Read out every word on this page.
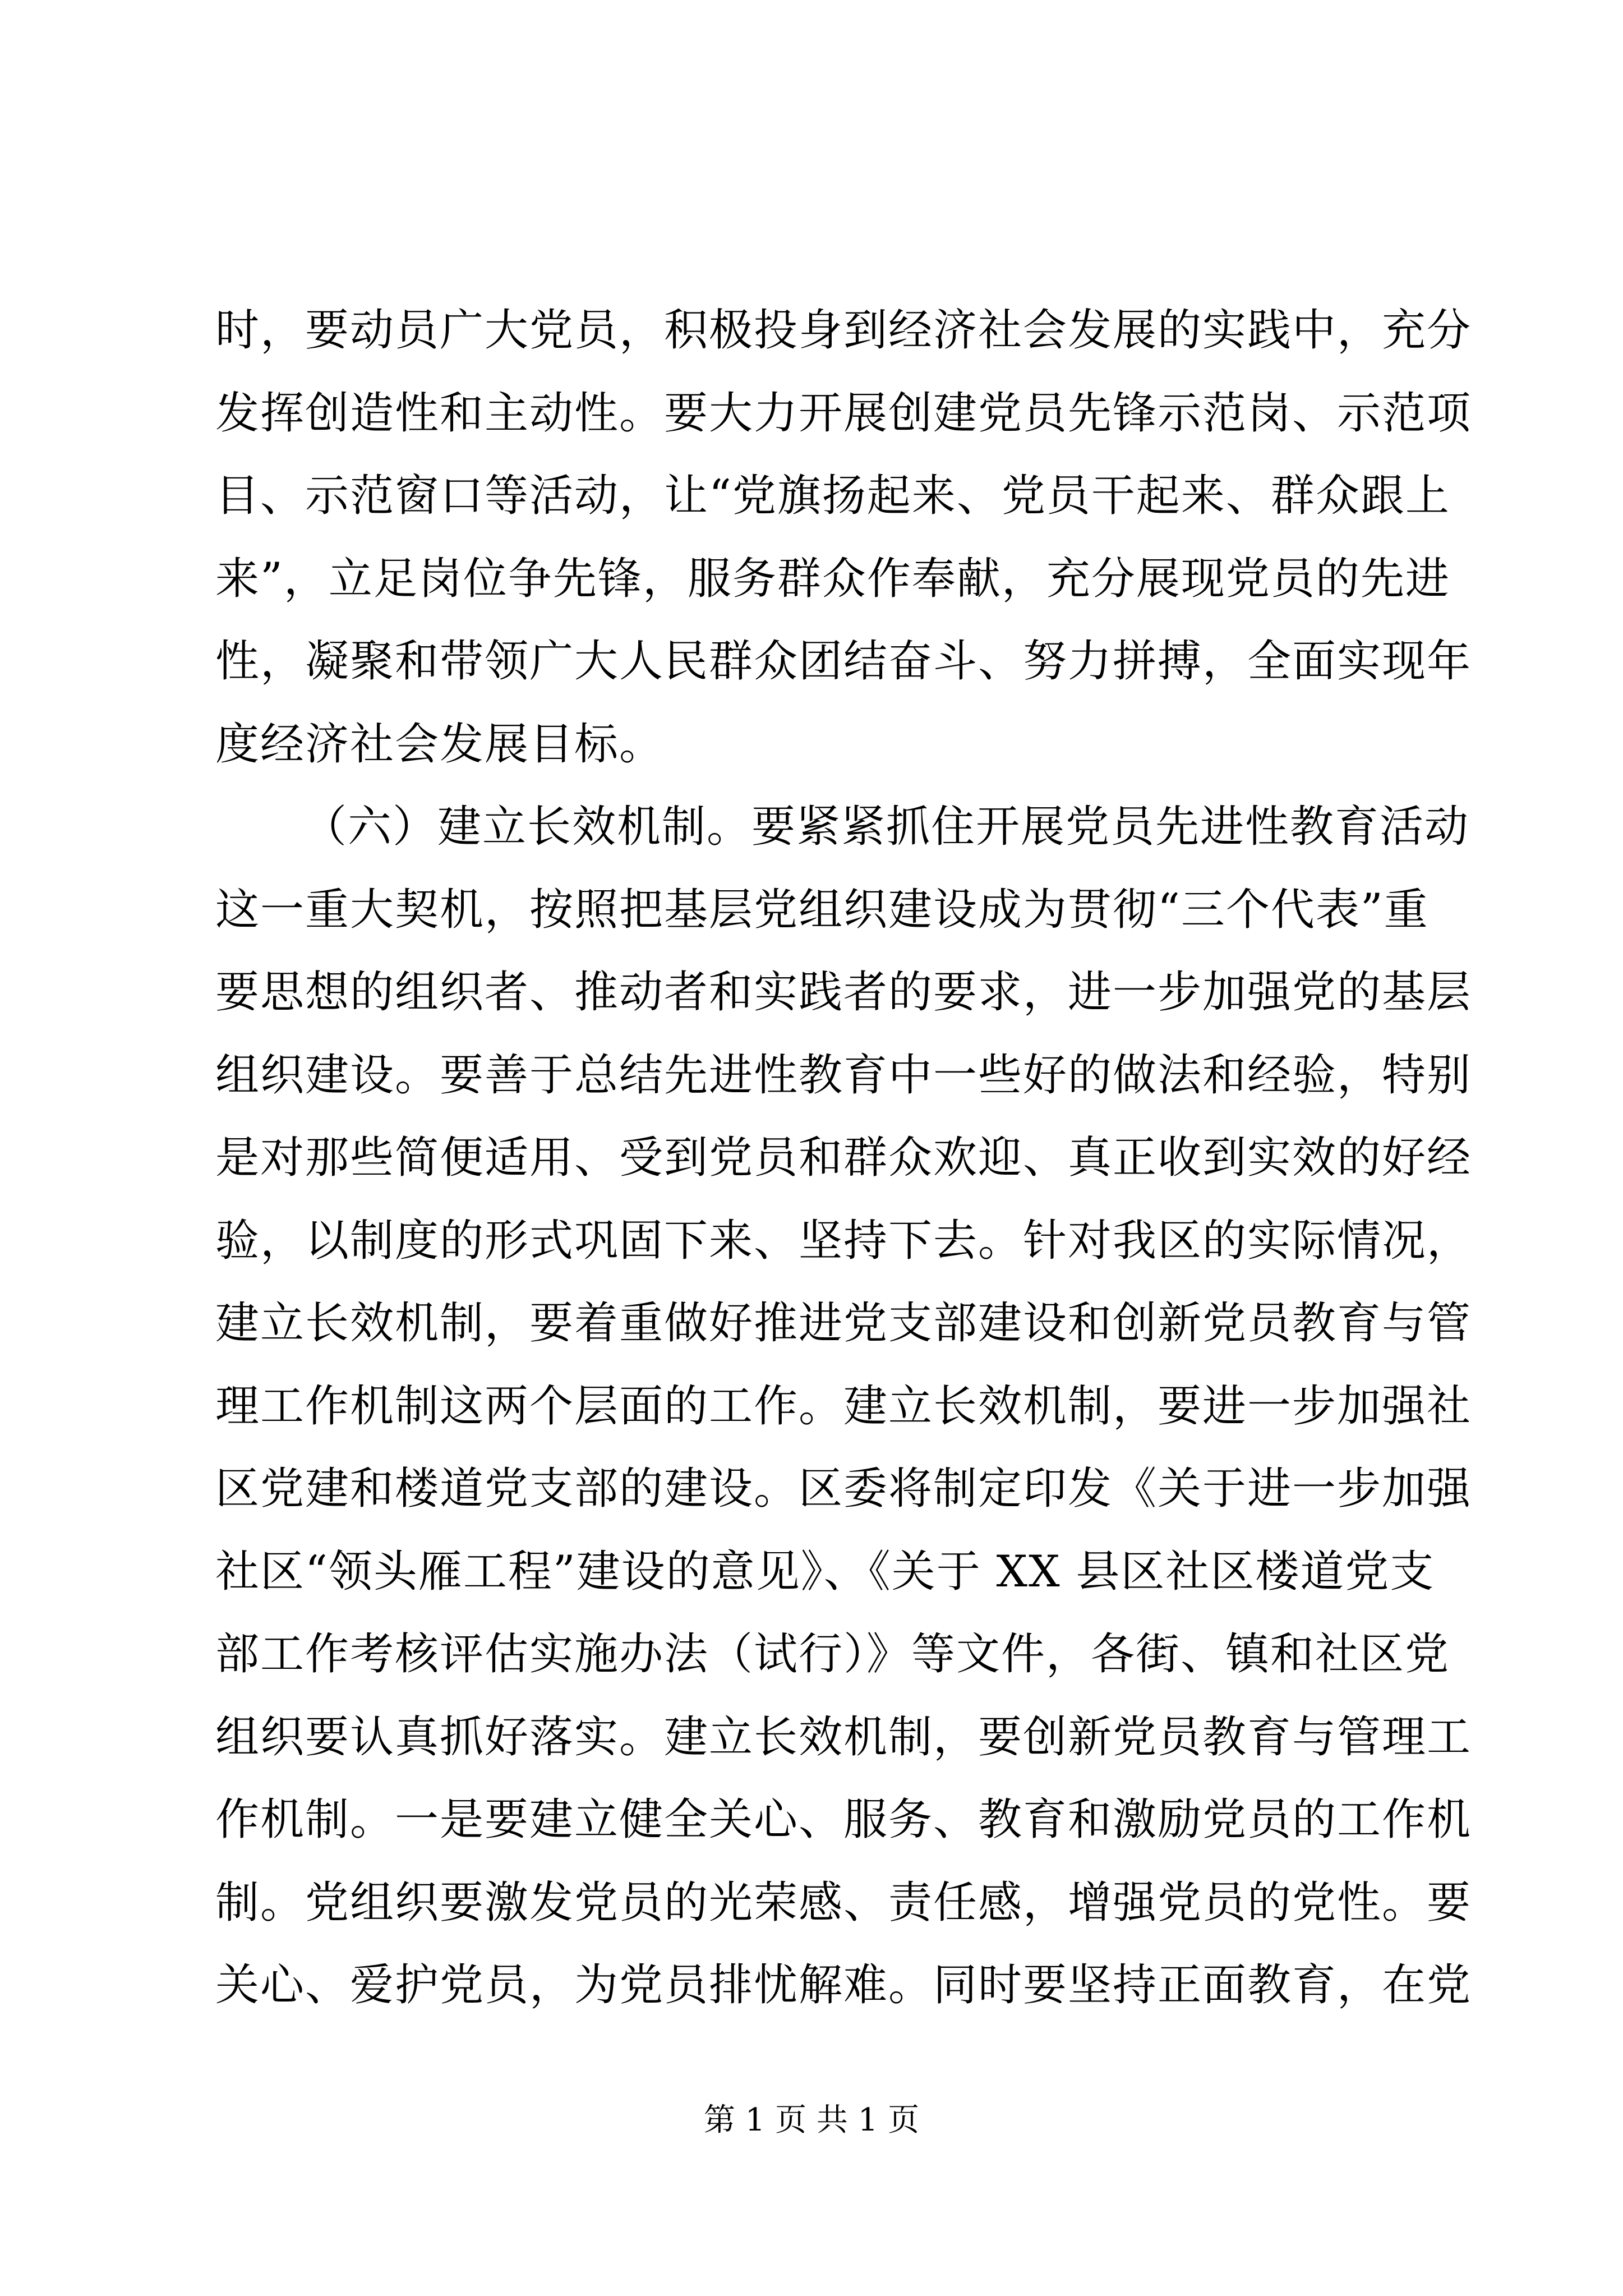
时，要动员广大党员，积极投身到经济社会发展的实践中，充分
发挥创造性和主动性。要大力开展创建党员先锋示范岗、示范项
目、示范窗口等活动，让“党旗扬起来、党员干起来、群众跟上
来”，立足岗位争先锋，服务群众作奉献，充分展现党员的先进
性，凝聚和带领广大人民群众团结奋斗、努力拼搏，全面实现年
度经济社会发展目标。
（六）建立长效机制。要紧紧抓住开展党员先进性教育活动
这一重大契机，按照把基层党组织建设成为贯彻“三个代表”重
要思想的组织者、推动者和实践者的要求，进一步加强党的基层
组织建设。要善于总结先进性教育中一些好的做法和经验，特别
是对那些简便适用、受到党员和群众欢迎、真正收到实效的好经
验，以制度的形式巩固下来、坚持下去。针对我区的实际情况，
建立长效机制，要着重做好推进党支部建设和创新党员教育与管
理工作机制这两个层面的工作。建立长效机制，要进一步加强社
区党建和楼道党支部的建设。区委将制定印发《关于进一步加强
社区“领头雁工程”建设的意见》、《关于 XX 县区社区楼道党支
部工作考核评估实施办法（试行）》等文件，各街、镇和社区党
组织要认真抓好落实。建立长效机制，要创新党员教育与管理工
作机制。一是要建立健全关心、服务、教育和激励党员的工作机
制。党组织要激发党员的光荣感、责任感，增强党员的党性。要
关心、爱护党员，为党员排忧解难。同时要坚持正面教育，在党
第 1 页 共 1 页
